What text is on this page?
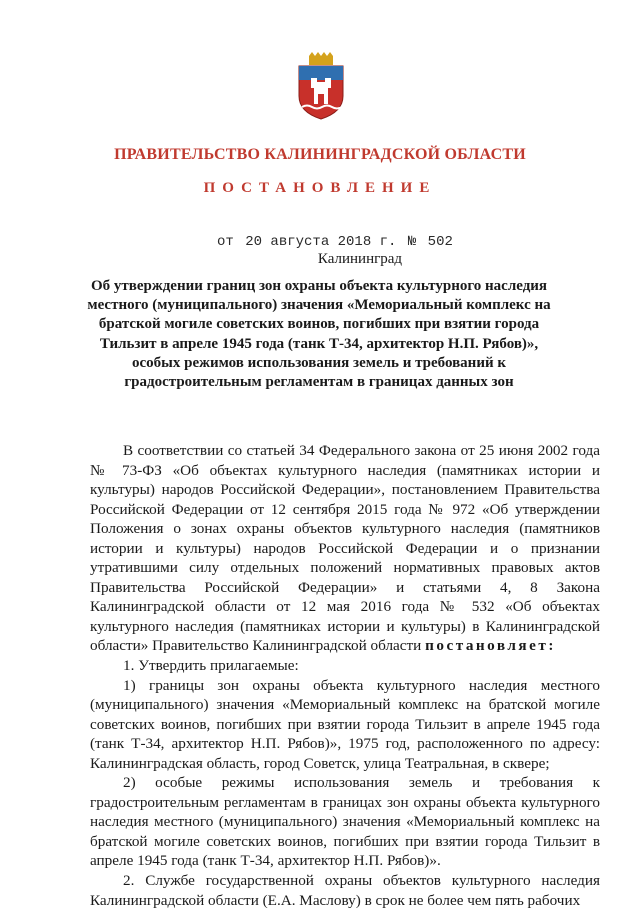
ПРАВИТЕЛЬСТВО КАЛИНИНГРАДСКОЙ ОБЛАСТИ
ПОСТАНОВЛЕНИЕ
от 20 августа 2018 г. № 502
Калининград

Об утверждении границ зон охраны объекта культурного наследия местного (муниципального) значения «Мемориальный комплекс на братской могиле советских воинов, погибших при взятии города Тильзит в апреле 1945 года (танк Т-34, архитектор Н.П. Рябов)», особых режимов использования земель и требований к градостроительным регламентам в границах данных зон

В соответствии со статьей 34 Федерального закона от 25 июня 2002 года № 73-ФЗ «Об объектах культурного наследия (памятниках истории и культуры) народов Российской Федерации», постановлением Правительства Российской Федерации от 12 сентября 2015 года № 972 «Об утверждении Положения о зонах охраны объектов культурного наследия (памятников истории и культуры) народов Российской Федерации и о признании утратившими силу отдельных положений нормативных правовых актов Правительства Российской Федерации» и статьями 4, 8 Закона Калининградской области от 12 мая 2016 года № 532 «Об объектах культурного наследия (памятниках истории и культуры) в Калининградской области» Правительство Калининградской области постановляет:

1. Утвердить прилагаемые:

1) границы зон охраны объекта культурного наследия местного (муниципального) значения «Мемориальный комплекс на братской могиле советских воинов, погибших при взятии города Тильзит в апреле 1945 года (танк Т-34, архитектор Н.П. Рябов)», 1975 год, расположенного по адресу: Калининградская область, город Советск, улица Театральная, в сквере;

2) особые режимы использования земель и требования к градостроительным регламентам в границах зон охраны объекта культурного наследия местного (муниципального) значения «Мемориальный комплекс на братской могиле советских воинов, погибших при взятии города Тильзит в апреле 1945 года (танк Т-34, архитектор Н.П. Рябов)».

2. Службе государственной охраны объектов культурного наследия Калининградской области (Е.А. Маслову) в срок не более чем пять рабочих
